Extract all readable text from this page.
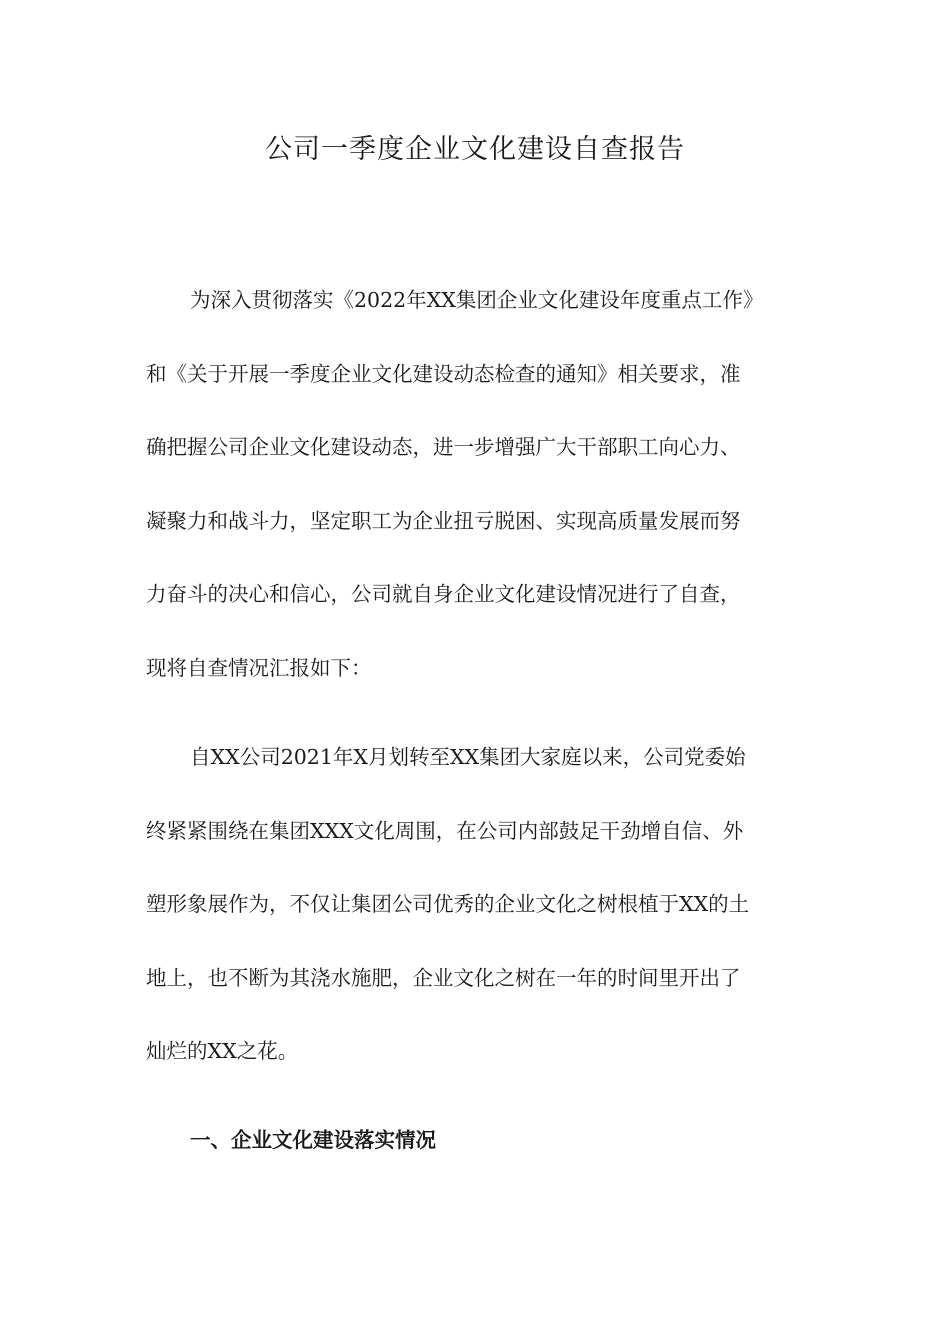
公司一季度企业文化建设自查报告
为深入贯彻落实《2022年XX集团企业文化建设年度重点工作》
和《关于开展一季度企业文化建设动态检查的通知》相关要求，准
确把握公司企业文化建设动态，进一步增强广大干部职工向心力、
凝聚力和战斗力，坚定职工为企业扭亏脱困、实现高质量发展而努
力奋斗的决心和信心，公司就自身企业文化建设情况进行了自查，
现将自查情况汇报如下：
自XX公司2021年X月划转至XX集团大家庭以来，公司党委始
终紧紧围绕在集团XXX文化周围，在公司内部鼓足干劲增自信、外
塑形象展作为，不仅让集团公司优秀的企业文化之树根植于XX的土
地上，也不断为其浇水施肥，企业文化之树在一年的时间里开出了
灿烂的XX之花。
一、企业文化建设落实情况
